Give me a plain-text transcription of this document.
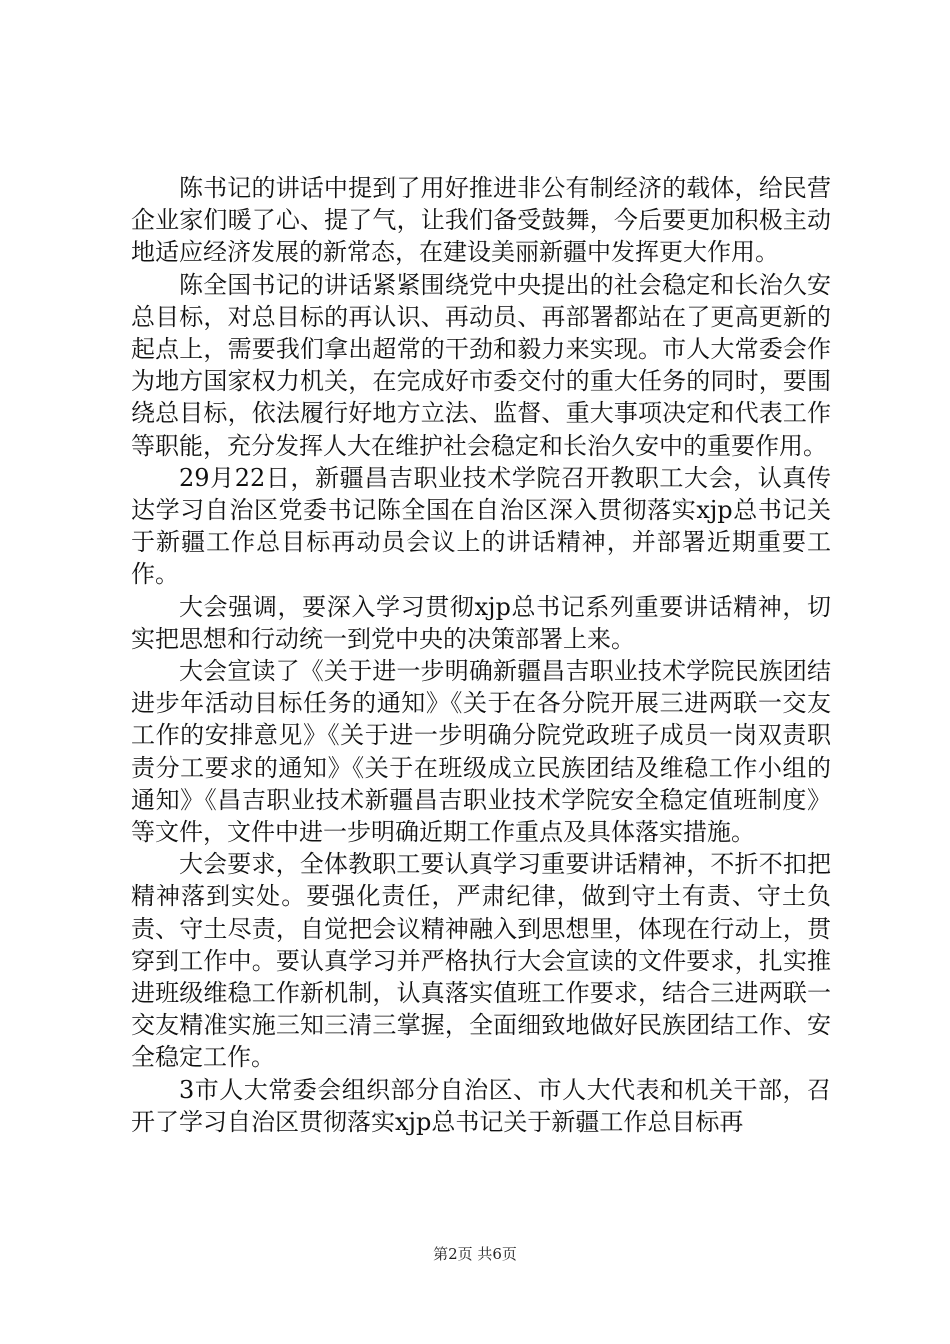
陈书记的讲话中提到了用好推进非公有制经济的载体，给民营企业家们暖了心、提了气，让我们备受鼓舞，今后要更加积极主动地适应经济发展的新常态，在建设美丽新疆中发挥更大作用。

陈全国书记的讲话紧紧围绕党中央提出的社会稳定和长治久安总目标，对总目标的再认识、再动员、再部署都站在了更高更新的起点上，需要我们拿出超常的干劲和毅力来实现。市人大常委会作为地方国家权力机关，在完成好市委交付的重大任务的同时，要围绕总目标，依法履行好地方立法、监督、重大事项决定和代表工作等职能，充分发挥人大在维护社会稳定和长治久安中的重要作用。

29月22日，新疆昌吉职业技术学院召开教职工大会，认真传达学习自治区党委书记陈全国在自治区深入贯彻落实xjp总书记关于新疆工作总目标再动员会议上的讲话精神，并部署近期重要工作。

大会强调，要深入学习贯彻xjp总书记系列重要讲话精神，切实把思想和行动统一到党中央的决策部署上来。

大会宣读了《关于进一步明确新疆昌吉职业技术学院民族团结进步年活动目标任务的通知》《关于在各分院开展三进两联一交友工作的安排意见》《关于进一步明确分院党政班子成员一岗双责职责分工要求的通知》《关于在班级成立民族团结及维稳工作小组的通知》《昌吉职业技术新疆昌吉职业技术学院安全稳定值班制度》等文件，文件中进一步明确近期工作重点及具体落实措施。

大会要求，全体教职工要认真学习重要讲话精神，不折不扣把精神落到实处。要强化责任，严肃纪律，做到守土有责、守土负责、守土尽责，自觉把会议精神融入到思想里，体现在行动上，贯穿到工作中。要认真学习并严格执行大会宣读的文件要求，扎实推进班级维稳工作新机制，认真落实值班工作要求，结合三进两联一交友精准实施三知三清三掌握，全面细致地做好民族团结工作、安全稳定工作。

3市人大常委会组织部分自治区、市人大代表和机关干部，召开了学习自治区贯彻落实xjp总书记关于新疆工作总目标再

第2页 共6页
